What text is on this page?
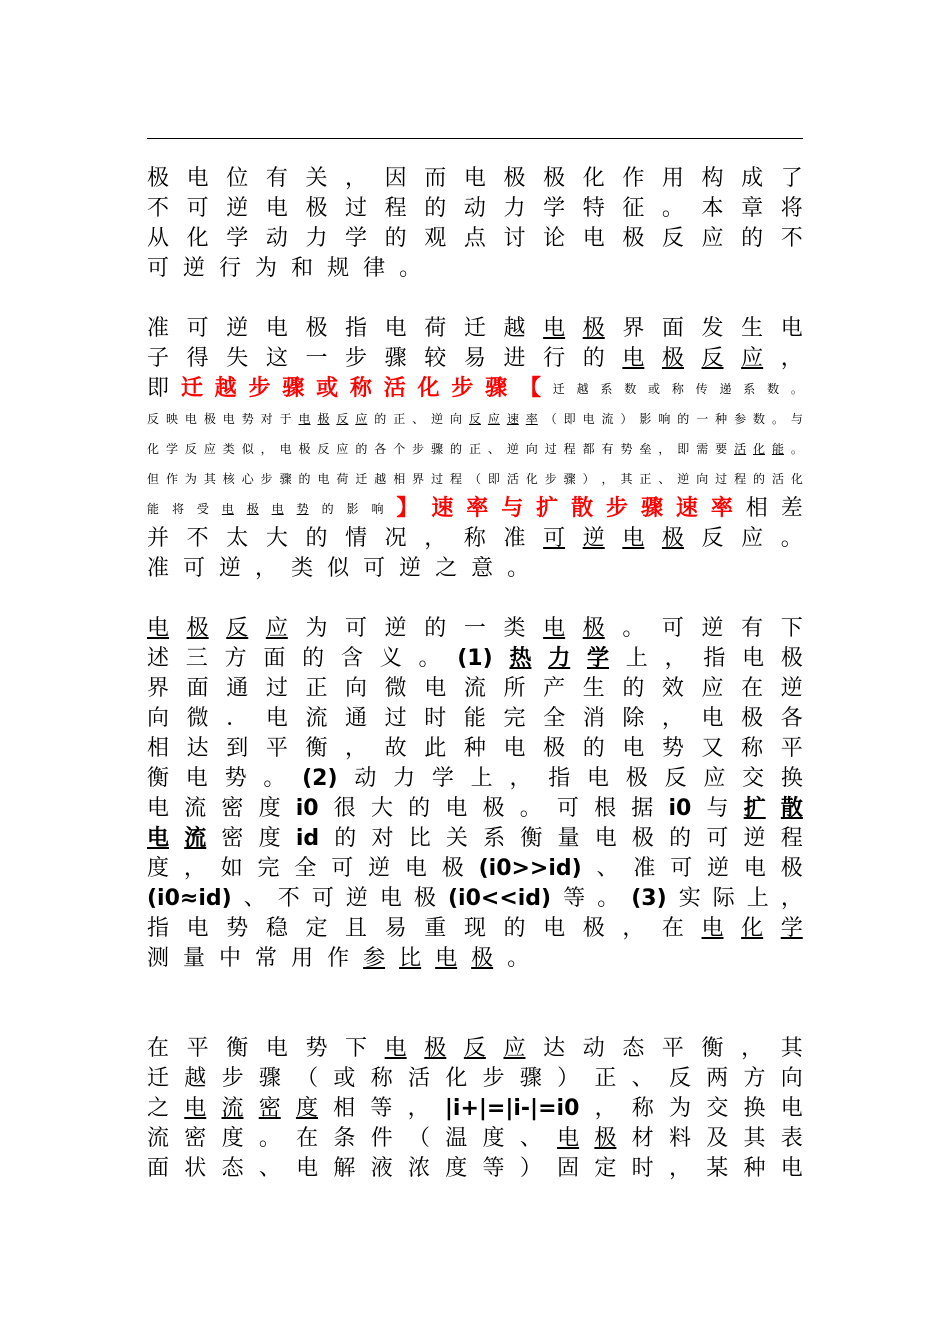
极 电 位 有 关 ， 因 而 电 极 极 化 作 用 构 成 了
不 可 逆 电 极 过 程 的 动 力 学 特 征 。 本 章 将
从 化 学 动 力 学 的 观 点 讨 论 电 极 反 应 的 不
可 逆 行 为 和 规 律 。
准 可 逆 电 极 指 电 荷 迁 越 电 极 界 面 发 生 电
子 得 失 这 一 步 骤 较 易 进 行 的 电 极 反 应 ，
即 迁 越 步 骤 或 称 活 化 步 骤 【 迁 越 系 数 或 称 传 递 系 数 。
反 映 电 极 电 势 对 于 电 极 反 应 的 正 、 逆 向 反 应 速 率 （ 即 电 流 ） 影 响 的 一 种 参 数 。 与
化 学 反 应 类 似 ， 电 极 反 应 的 各 个 步 骤 的 正 、 逆 向 过 程 都 有 势 垒 ， 即 需 要 活 化 能 。
但 作 为 其 核 心 步 骤 的 电 荷 迁 越 相 界 过 程 （ 即 活 化 步 骤 ） ， 其 正 、 逆 向 过 程 的 活 化
能 将 受 电 极 电 势 的 影 响 】 速 率 与 扩 散 步 骤 速 率 相 差
并 不 太 大 的 情 况 ， 称 准 可 逆 电 极 反 应 。
准 可 逆 ， 类 似 可 逆 之 意 。
电 极 反 应 为 可 逆 的 一 类 电 极 。 可 逆 有 下
述 三 方 面 的 含 义 。 (1) 热 力 学 上 ， 指 电 极
界 面 通 过 正 向 微 电 流 所 产 生 的 效 应 在 逆
向 微 ． 电 流 通 过 时 能 完 全 消 除 ， 电 极 各
相 达 到 平 衡 ， 故 此 种 电 极 的 电 势 又 称 平
衡 电 势 。 (2) 动 力 学 上 ， 指 电 极 反 应 交 换
电 流 密 度 i0 很 大 的 电 极 。 可 根 据 i0 与 扩 散
电 流 密 度 id 的 对 比 关 系 衡 量 电 极 的 可 逆 程
度 ， 如 完 全 可 逆 电 极 (i0>>id) 、 准 可 逆 电 极
(i0≈id) 、 不 可 逆 电 极 (i0<<id) 等 。 (3) 实 际 上 ，
指 电 势 稳 定 且 易 重 现 的 电 极 ， 在 电 化 学
测 量 中 常 用 作 参 比 电 极 。
在 平 衡 电 势 下 电 极 反 应 达 动 态 平 衡 ， 其
迁 越 步 骤 （ 或 称 活 化 步 骤 ） 正 、 反 两 方 向
之 电 流 密 度 相 等 ， |i+|=|i-|=i0 ， 称 为 交 换 电
流 密 度 。 在 条 件 （ 温 度 、 电 极 材 料 及 其 表
面 状 态 、 电 解 液 浓 度 等 ） 固 定 时 ， 某 种 电
